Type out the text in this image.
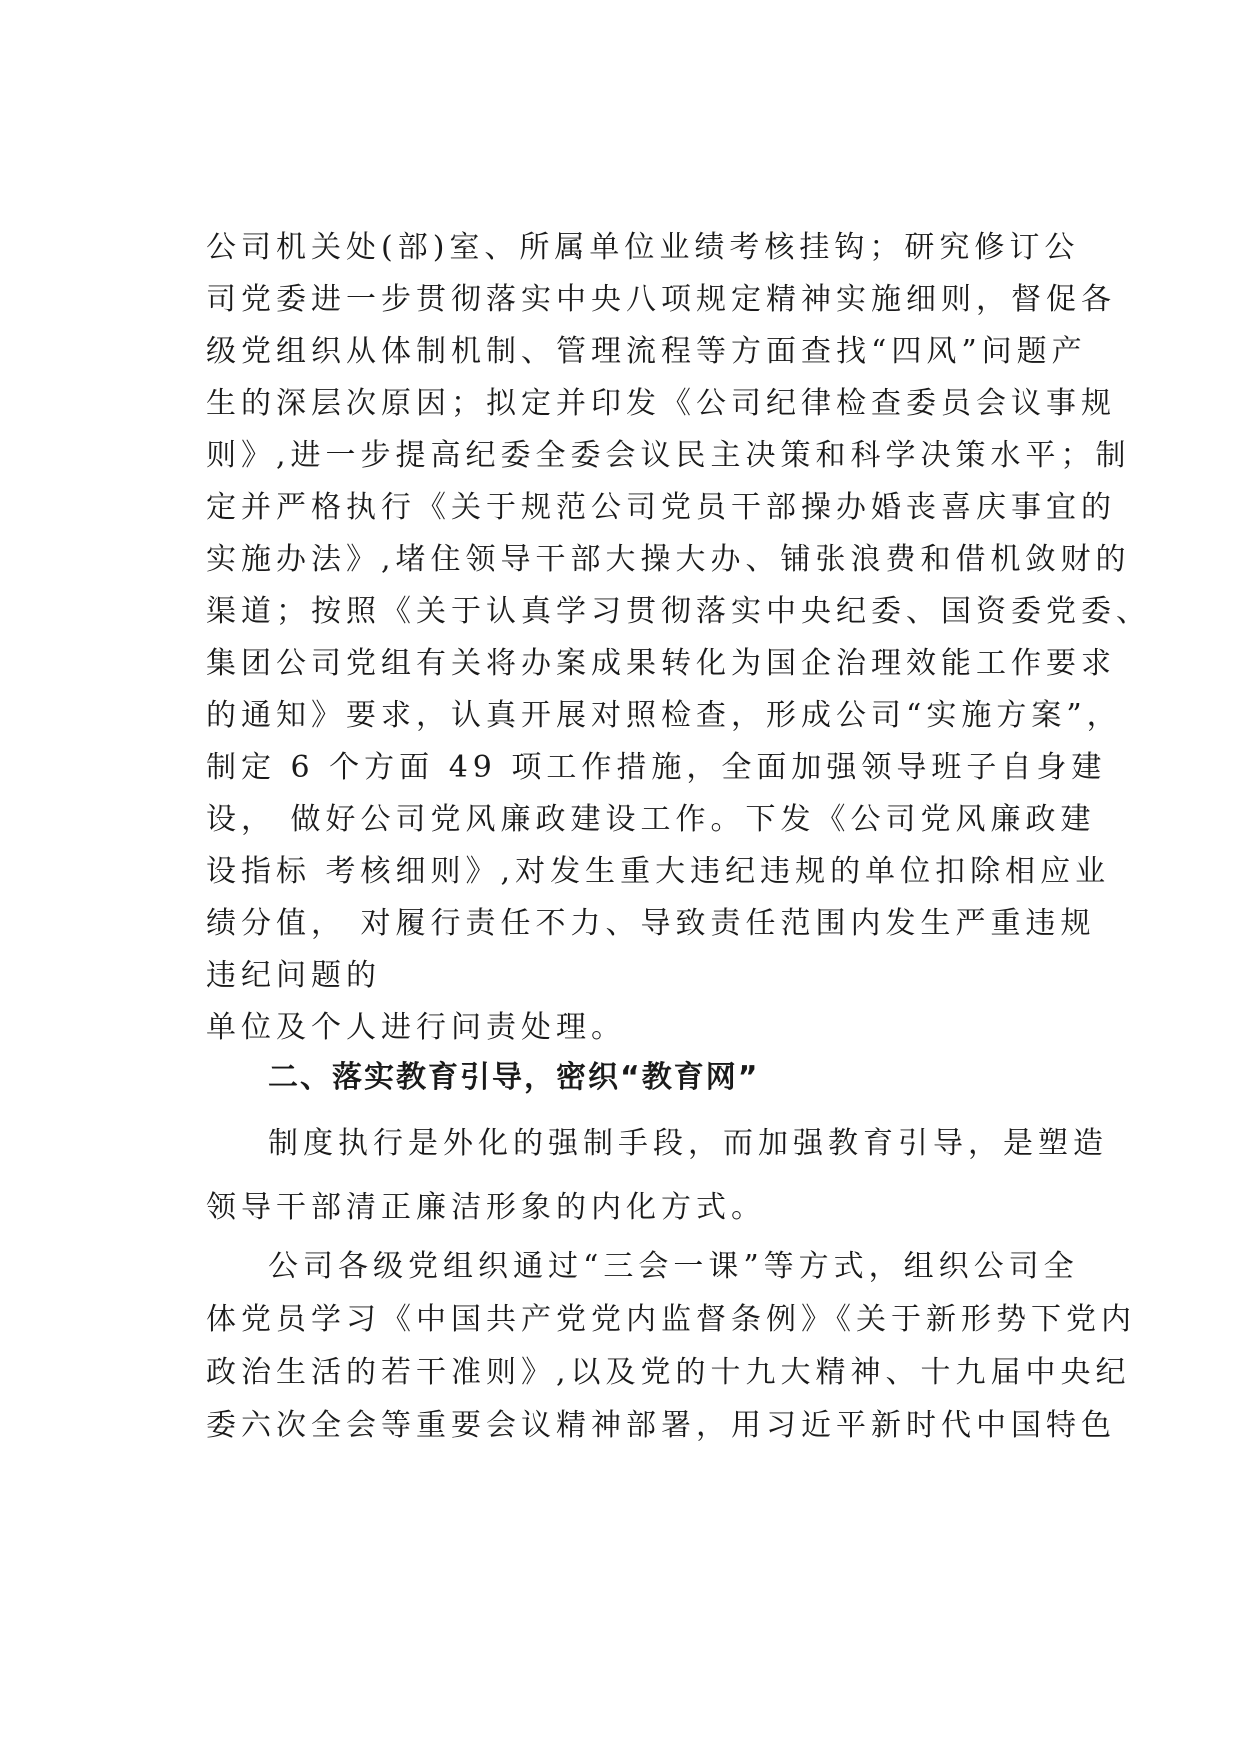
公司机关处(部)室、所属单位业绩考核挂钩；研究修订公
司党委进一步贯彻落实中央八项规定精神实施细则，督促各
级党组织从体制机制、管理流程等方面查找“四风”问题产
生的深层次原因；拟定并印发《公司纪律检查委员会议事规
则》,进一步提高纪委全委会议民主决策和科学决策水平；制
定并严格执行《关于规范公司党员干部操办婚丧喜庆事宜的
实施办法》,堵住领导干部大操大办、铺张浪费和借机敛财的
渠道；按照《关于认真学习贯彻落实中央纪委、国资委党委、
集团公司党组有关将办案成果转化为国企治理效能工作要求
的通知》要求，认真开展对照检查，形成公司“实施方案”，
制定 6 个方面 49 项工作措施，全面加强领导班子自身建
设， 做好公司党风廉政建设工作。下发《公司党风廉政建
设指标 考核细则》,对发生重大违纪违规的单位扣除相应业
绩分值， 对履行责任不力、导致责任范围内发生严重违规
违纪问题的
单位及个人进行问责处理。
二、落实教育引导，密织“教育网”
制度执行是外化的强制手段，而加强教育引导，是塑造
领导干部清正廉洁形象的内化方式。
公司各级党组织通过“三会一课”等方式，组织公司全
体党员学习《中国共产党党内监督条例》《关于新形势下党内
政治生活的若干准则》,以及党的十九大精神、十九届中央纪
委六次全会等重要会议精神部署，用习近平新时代中国特色
